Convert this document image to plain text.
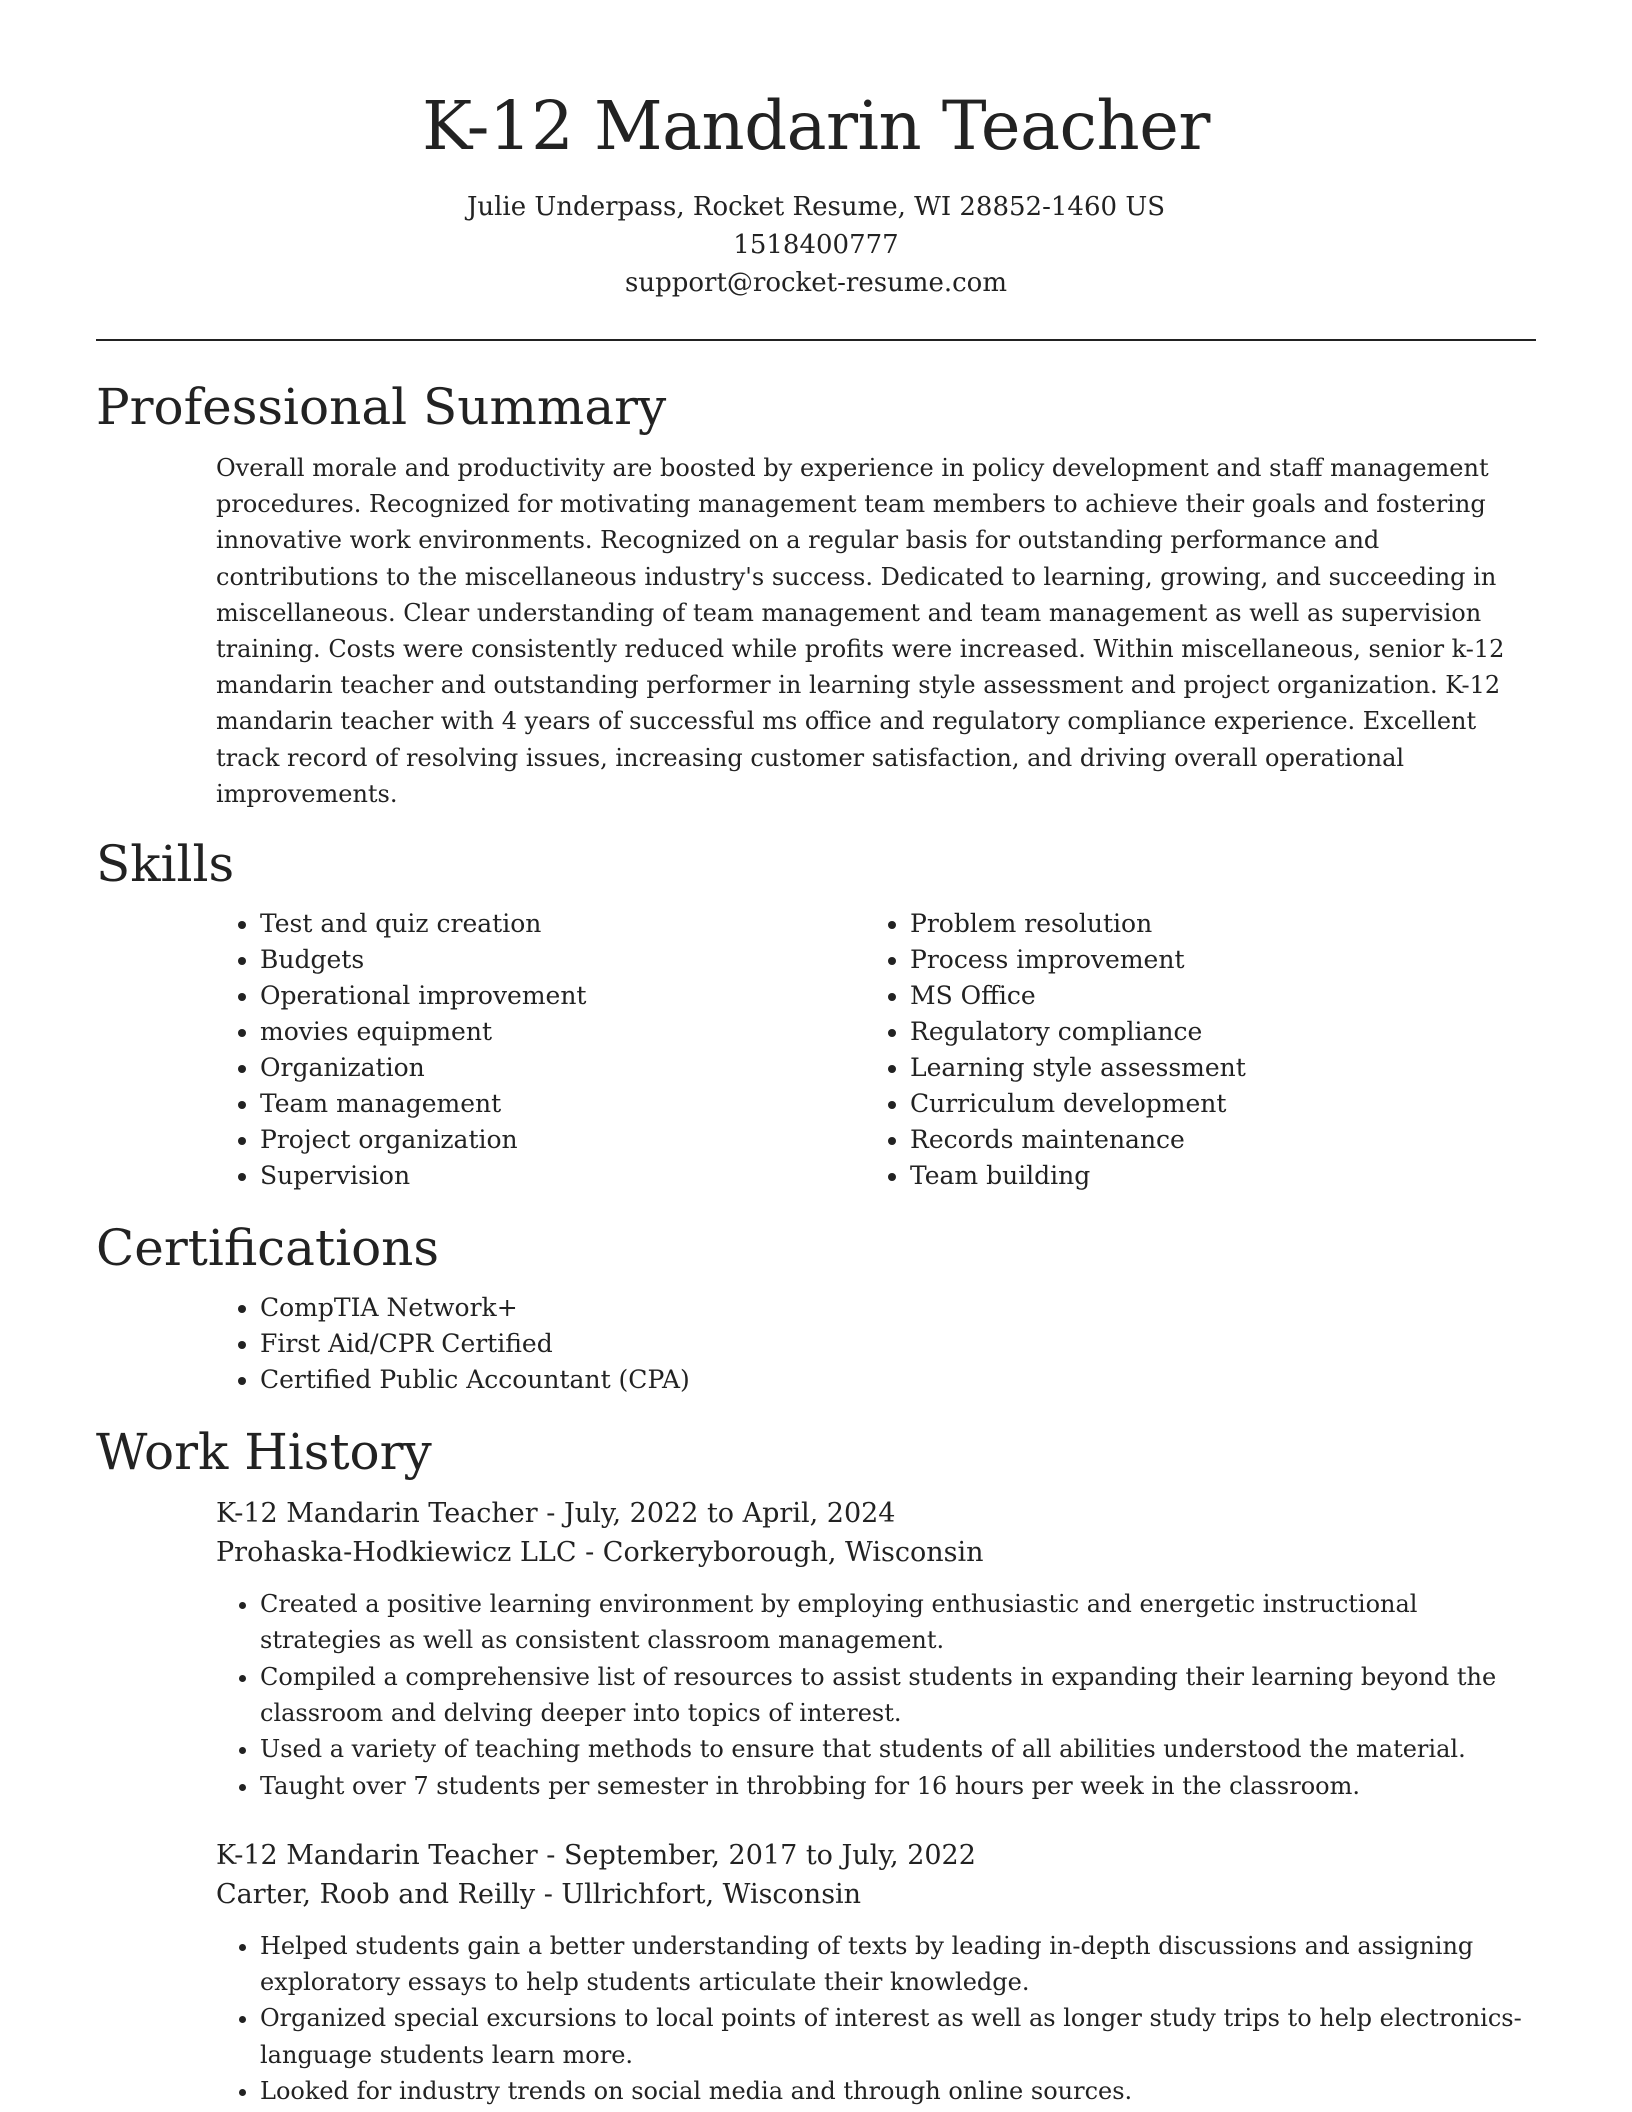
K-12 Mandarin Teacher
Julie Underpass, Rocket Resume, WI 28852-1460 US
1518400777
support@rocket-resume.com
Professional Summary

Overall morale and productivity are boosted by experience in policy development and staff management procedures. Recognized for motivating management team members to achieve their goals and fostering innovative work environments. Recognized on a regular basis for outstanding performance and contributions to the miscellaneous industry's success. Dedicated to learning, growing, and succeeding in miscellaneous. Clear understanding of team management and team management as well as supervision training. Costs were consistently reduced while profits were increased. Within miscellaneous, senior k-12 mandarin teacher and outstanding performer in learning style assessment and project organization. K-12 mandarin teacher with 4 years of successful ms office and regulatory compliance experience. Excellent track record of resolving issues, increasing customer satisfaction, and driving overall operational improvements.

Skills
• Test and quiz creation
• Budgets
• Operational improvement
• movies equipment
• Organization
• Team management
• Project organization
• Supervision
• Problem resolution
• Process improvement
• MS Office
• Regulatory compliance
• Learning style assessment
• Curriculum development
• Records maintenance
• Team building
Certifications
• CompTIA Network+
• First Aid/CPR Certified
• Certified Public Accountant (CPA)
Work History
K-12 Mandarin Teacher - July, 2022 to April, 2024
Prohaska-Hodkiewicz LLC - Corkeryborough, Wisconsin
• Created a positive learning environment by employing enthusiastic and energetic instructional strategies as well as consistent classroom management.
• Compiled a comprehensive list of resources to assist students in expanding their learning beyond the classroom and delving deeper into topics of interest.
• Used a variety of teaching methods to ensure that students of all abilities understood the material.
• Taught over 7 students per semester in throbbing for 16 hours per week in the classroom.
K-12 Mandarin Teacher - September, 2017 to July, 2022
Carter, Roob and Reilly - Ullrichfort, Wisconsin
• Helped students gain a better understanding of texts by leading in-depth discussions and assigning exploratory essays to help students articulate their knowledge.
• Organized special excursions to local points of interest as well as longer study trips to help electronics-language students learn more.
• Looked for industry trends on social media and through online sources.
